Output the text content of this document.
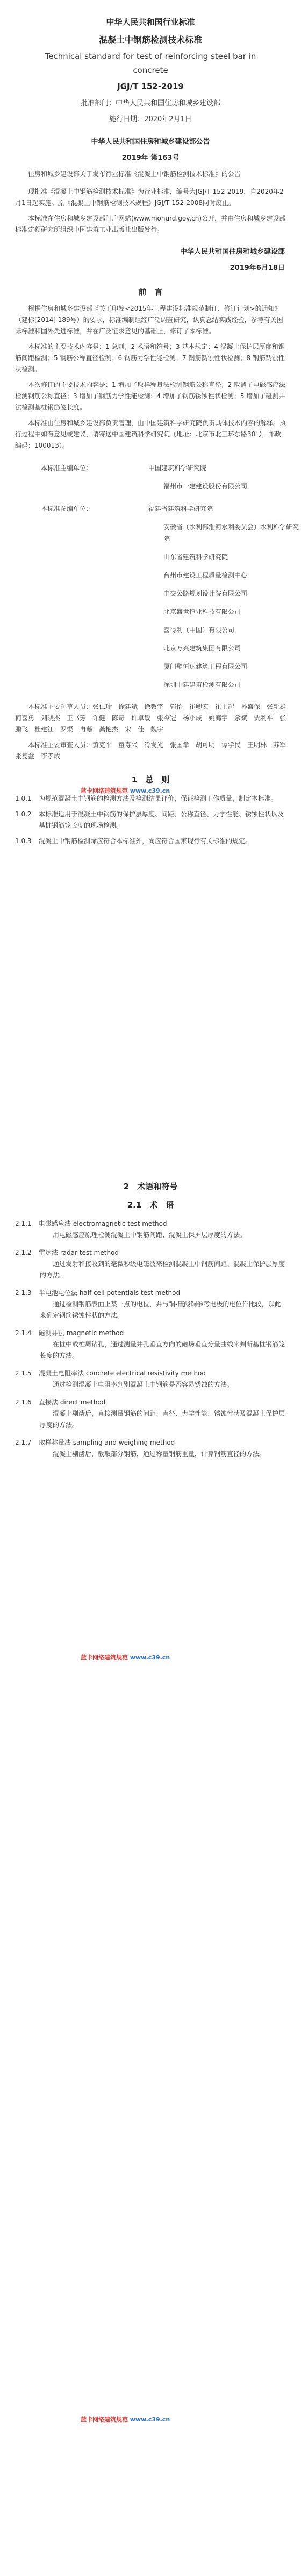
中华人民共和国行业标准
混凝土中钢筋检测技术标准
Technical standard for test of reinforcing steel bar in concrete
JGJ/T 152-2019
批准部门：中华人民共和国住房和城乡建设部
施行日期：2020年2月1日
中华人民共和国住房和城乡建设部公告
2019年 第163号

住房和城乡建设部关于发布行业标准《混凝土中钢筋检测技术标准》的公告

现批准《混凝土中钢筋检测技术标准》为行业标准，编号为JGJ/T 152-2019，自2020年2月1日起实施。原《混凝土中钢筋检测技术规程》JGJ/T 152-2008同时废止。

本标准在住房和城乡建设部门户网站(www.mohurd.gov.cn)公开，并由住房和城乡建设部标准定额研究所组织中国建筑工业出版社出版发行。

中华人民共和国住房和城乡建设部
2019年6月18日
前　言

根据住房和城乡建设部《关于印发<2015年工程建设标准规范制订、修订计划>的通知》（建标[2014] 189号）的要求，标准编制组经广泛调查研究，认真总结实践经验，参考有关国际标准和国外先进标准，并在广泛征求意见的基础上，修订了本标准。

本标准的主要技术内容是：1 总则；2 术语和符号；3 基本规定；4 混凝土保护层厚度和钢筋间距检测；5 钢筋公称直径检测；6 钢筋力学性能检测；7 钢筋锈蚀性状检测；8 钢筋锈蚀性状检测。

本次修订的主要技术内容是：1 增加了取样称量法检测钢筋公称直径；2 取消了电磁感应法检测钢筋公称直径；3 增加了钢筋力学性能检测；4 增加了钢筋锈蚀性状检测；5 增加了磁测井法检测基桩钢筋笼长度。

本标准由住房和城乡建设部负责管理，由中国建筑科学研究院负责具体技术内容的解释。执行过程中如有意见或建议，请寄送中国建筑科学研究院（地址：北京市北三环东路30号，邮政编码：100013）。

本标准主编单位：	中国建筑科学研究院
福州市一建建设股份有限公司
本标准参编单位：	福建省建筑科学研究院
安徽省（水利部淮河水利委员会）水利科学研究院
山东省建筑科学研究院
台州市建设工程质量检测中心
中交公路规划设计院有限公司
北京盛世恒业科技有限公司
喜得利（中国）有限公司
北京万兴建筑集团有限公司
厦门璧恒达建筑工程有限公司
深圳中建建筑检测有限公司

本标准主要起草人员：张仁瑜　徐建斌　徐教宇　郭怡　崔卿宏　崔士起　孙盛保　张新雄　何喜勇　刘晓杰　王书芳　许健　陈奇　许卓敏　张今冠　杨小成　姚鸿宇　余斌　贾利平　张鹏飞　杜建江　罗渠　冉蘸　龚艳杰　宋　佳　魏宇

本标准主要审查人员：黄克平　童寿兴　冷发光　张国举　胡可明　谭学民　王明林　苏军　张复益　李孝成

1　总　则
1.0.1	为规范混凝土中钢筋的检测方法及检测结果评价，保证检测工作质量，制定本标准。
1.0.2	本标准适用于混凝土中钢筋的保护层厚度、间距、公称直径、力学性能、锈蚀性状以及基桩钢筋笼长度的现场检测。
1.0.3	混凝土中钢筋检测除应符合本标准外，尚应符合国家现行有关标准的规定。
2　术语和符号
2.1　术　语
2.1.1	电磁感应法 electromagnetic test method

用电磁感应原理检测混凝土中钢筋间距、混凝土保护层厚度的方法。

2.1.2	雷达法 radar test method

通过发射和接收到的毫微秒级电磁波来检测混凝土中钢筋间距、混凝土保护层厚度的方法。

2.1.3	半电池电位法 half-cell potentials test method

通过检测钢筋表面上某一点的电位，并与铜-硫酸铜参考电极的电位作比较，以此来确定钢筋锈蚀性状的方法。

2.1.4	磁测井法 magnetic method

在桩中或桩周钻孔，通过测量井孔垂直方向的磁场垂直分量曲线来判断基桩钢筋笼长度的方法。

2.1.5	混凝土电阻率法 concrete electrical resistivity method

通过检测混凝土电阻率判别混凝土中钢筋是否容易锈蚀的方法。

2.1.6	直接法 direct method

混凝土剔凿后，直接测量钢筋的间距、直径、力学性能、锈蚀性状及混凝土保护层厚度的方法。

2.1.7	取样称量法 sampling and weighing method

混凝土剔凿后，截取部分钢筋，通过称量钢筋重量，计算钢筋直径的方法。

蓝卡网络建筑规范 www.c39.cn
蓝卡网络建筑规范 www.c39.cn
蓝卡网络建筑规范 www.c39.cn
